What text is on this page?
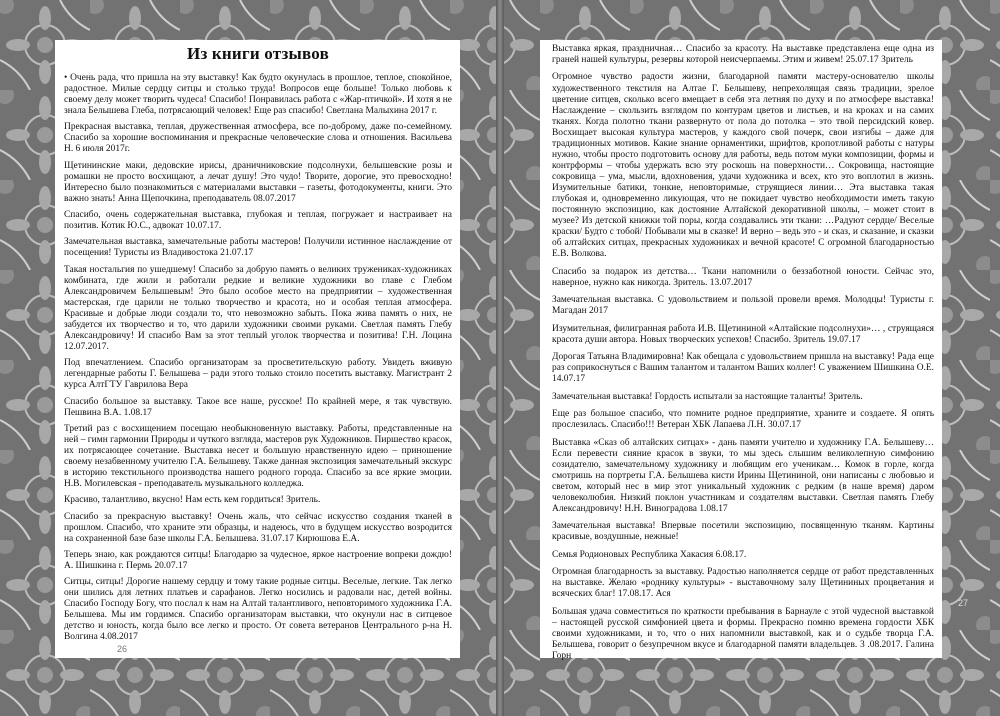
Из книги отзывов
• Очень рада, что пришла на эту выставку! Как будто окунулась в прошлое, теплое, спокойное, радостное. Милые сердцу ситцы и столько труда! Вопросов еще больше! Только любовь к своему делу может творить чудеса! Спасибо! Понравилась работа с «Жар-птичкой». И хотя я не знала Белышева Глеба, потрясающий человек! Еще раз спасибо! Светлана Малыхина 2017 г.
Прекрасная выставка, теплая, дружественная атмосфера, все по-доброму, даже по-семейному. Спасибо за хорошие воспоминания и прекрасные человеческие слова и отношения. Васильева Н. 6 июля 2017г.
Щетининские маки, дедовские ирисы, драничниковские подсолнухи, белышевские розы и ромашки не просто восхищают, а лечат душу! Это чудо! Творите, дорогие, это превосходно! Интересно было познакомиться с материалами выставки – газеты, фотодокументы, книги. Это важно знать! Анна Щепочкина, преподаватель 08.07.2017
Спасибо, очень содержательная выставка, глубокая и теплая, погружает и настраивает на позитив. Котик Ю.С., адвокат 10.07.17.
Замечательная выставка, замечательные работы мастеров! Получили истинное наслаждение от посещения! Туристы из Владивостока 21.07.17
Такая ностальгия по ушедшему! Спасибо за добрую память о великих тружениках-художниках комбината, где жили и работали редкие и великие художники во главе с Глебом Александровичем Белышевым! Это было особое место на предприятии – художественная мастерская, где царили не только творчество и красота, но и особая теплая атмосфера. Красивые и добрые люди создали то, что невозможно забыть. Пока жива память о них, не забудется их творчество и то, что дарили художники своими руками. Светлая память Глебу Александровичу! И спасибо Вам за этот теплый уголок творчества и позитива! Г.Н. Лоцина 12.07.2017.
Под впечатлением. Спасибо организаторам за просветительскую работу. Увидеть вживую легендарные работы Г. Белышева – ради этого только стоило посетить выставку. Магистрант 2 курса АлтГТУ Гаврилова Вера
Спасибо большое за выставку. Такое все наше, русское! По крайней мере, я так чувствую. Пешвина В.А. 1.08.17
Третий раз с восхищением посещаю необыкновенную выставку. Работы, представленные на ней – гимн гармонии Природы и чуткого взгляда, мастеров рук Художников. Пиршество красок, их потрясающее сочетание. Выставка несет и большую нравственную идею – приношение своему незабвенному учителю Г.А. Белышеву. Также данная экспозиция замечательный экскурс в историю текстильного производства нашего родного города. Спасибо за все яркие эмоции. Н.В. Могилевская - преподаватель музыкального колледжа.
Красиво, талантливо, вкусно! Нам есть кем гордиться! Зритель.
Спасибо за прекрасную выставку! Очень жаль, что сейчас искусство создания тканей в прошлом. Спасибо, что храните эти образцы, и надеюсь, что в будущем искусство возродится на сохраненной базе базе школы Г.А. Белышева. 31.07.17 Кирюшова Е.А.
Теперь знаю, как рождаются ситцы! Благодарю за чудесное, яркое настроение вопреки дождю! А. Шишкина г. Пермь 20.07.17
Ситцы, ситцы! Дорогие нашему сердцу и тому такие родные ситцы. Веселые, легкие. Так легко они шились для летних платьев и сарафанов. Легко носились и радовали нас, детей войны. Спасибо Господу Богу, что послал к нам на Алтай талантливого, неповторимого художника Г.А. Белышева. Мы им гордимся. Спасибо организаторам выставки, что окунули нас в ситцевое детство и юность, когда было все легко и просто. От совета ветеранов Центрального р-на Н. Волгина 4.08.2017
26
Выставка яркая, праздничная… Спасибо за красоту. На выставке представлена еще одна из граней нашей культуры, резервы которой неисчерпаемы. Этим и живем! 25.07.17 Зритель
Огромное чувство радости жизни, благодарной памяти мастеру-основателю школы художественного текстиля на Алтае Г. Белышеву, непрехолящая связь традиции, зрелое цветение ситцев, сколько всего вмещает в себя эта летняя по духу и по атмосфере выставка! Наслаждение – скользить взглядом по контурам цветов и листьев, и на кроках и на самих тканях. Когда полотно ткани развернуто от пола до потолка – это твой персидский ковер. Восхищает высокая культура мастеров, у каждого свой почерк, свои изгибы – даже для традиционных мотивов. Какие знание орнаментики, шрифтов, кропотливой работы с натуры нужно, чтобы просто подготовить основу для работы, ведь потом муки композиции, формы и контрформы – чтобы удержать всю эту роскошь на поверхности… Сокровища, настоящие сокровища – ума, мысли, вдохновения, удачи художника и всех, кто это воплотил в жизнь. Изумительные батики, тонкие, неповторимые, струящиеся линии… Эта выставка такая глубокая и, одновременно ликующая, что не покидает чувство необходимости иметь такую постоянную экспозицию, как достояние Алтайской декоративной школы, – может стоит в музее? Из детской книжки той поры, когда создавались эти ткани: …Радуют сердце/ Веселые краски/ Будто с тобой/ Побывали мы в сказке! И верно – ведь это - и сказ, и сказание, и сказки об алтайских ситцах, прекрасных художниках и вечной красоте! С огромной благодарностью Е.В. Волкова.
Спасибо за подарок из детства… Ткани напомнили о беззаботной юности. Сейчас это, наверное, нужно как никогда. Зритель. 13.07.2017
Замечательная выставка. С удовольствием и пользой провели время. Молодцы! Туристы г. Магадан 2017
Изумительная, филигранная работа И.В. Щетининой «Алтайские подсолнухи»… , струящаяся красота души автора. Новых творческих успехов! Спасибо. Зритель 19.07.17
Дорогая Татьяна Владимировна! Как обещала с удовольствием пришла на выставку! Рада еще раз соприкоснуться с Вашим талантом и талантом Ваших коллег! С уважением Шишкина О.Е. 14.07.17
Замечательная выставка! Гордость испытали за настоящие таланты! Зритель.
Еще раз большое спасибо, что помните родное предприятие, храните и создаете. Я опять прослезилась. Спасибо!!! Ветеран ХБК Лапаева Л.Н. 30.07.17
Выставка «Сказ об алтайских ситцах» - дань памяти учителю и художнику Г.А. Белышеву… Если перевести сияние красок в звуки, то мы здесь слышим великолепную симфонию созидателю, замечательному художнику и любящим его ученикам… Комок в горле, когда смотришь на портреты Г.А. Белышева кисти Ирины Щетининой, они написаны с любовью и светом, который нес в мир этот уникальный художник с редким (в наше время) даром человеколюбия. Низкий поклон участникам и создателям выставки. Светлая память Глебу Александровичу! Н.Н. Виноградова 1.08.17
Замечательная выставка! Впервые посетили экспозицию, посвященную тканям. Картины красивые, воздушные, нежные!
Семья Родионовых Республика Хакасия 6.08.17.
Огромная благодарность за выставку. Радостью наполняется сердце от работ представленных на выставке. Желаю «роднику культуры» - выставочному залу Щетининых процветания и всяческих благ! 17.08.17. Ася
Большая удача совместиться по краткости пребывания в Барнауле с этой чудесной выставкой – настоящей русской симфонией цвета и формы. Прекрасно помню времена гордости ХБК своими художниками, и то, что о них напомнили выставкой, как и о судьбе творца Г.А. Белышева, говорит о безупречном вкусе и благодарной памяти владельцев. 3 .08.2017. Галина Горн
27
